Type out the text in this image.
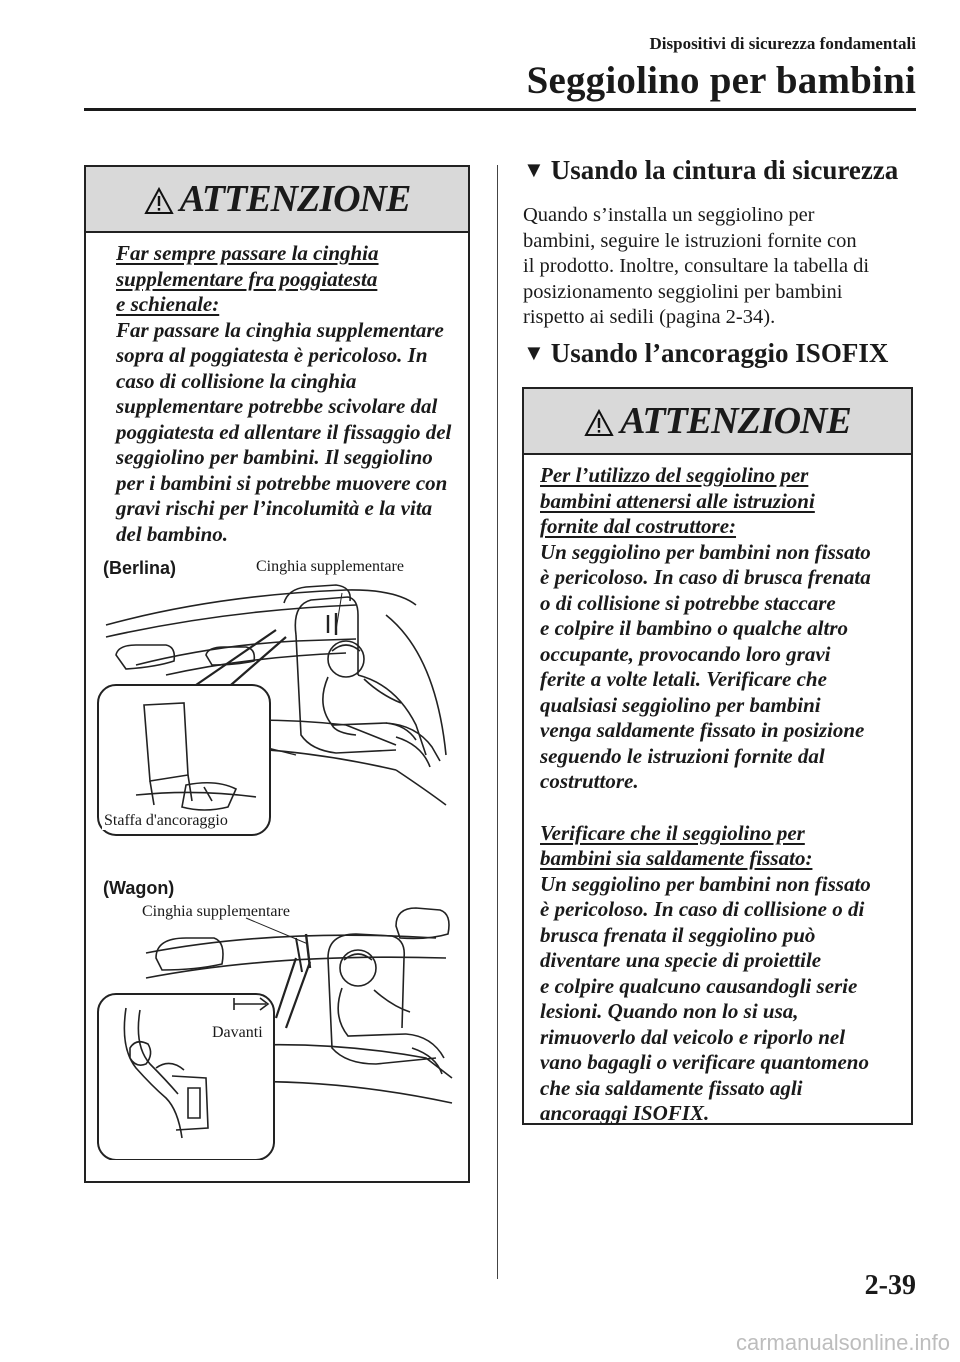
Dispositivi di sicurezza fondamentali
Seggiolino per bambini
ATTENZIONE

Far sempre passare la cinghia

supplementare fra poggiatesta

e schienale:

Far passare la cinghia supplementare

sopra al poggiatesta è pericoloso. In

caso di collisione la cinghia

supplementare potrebbe scivolare dal

poggiatesta ed allentare il fissaggio del

seggiolino per bambini. Il seggiolino

per i bambini si potrebbe muovere con

gravi rischi per l’incolumità e la vita

del bambino.

(Berlina)	Cinghia supplementare
Staffa d'ancoraggio
(Wagon)
Cinghia supplementare
Davanti
▼ Usando la cintura di sicurezza

Quando s’installa un seggiolino per

bambini, seguire le istruzioni fornite con

il prodotto. Inoltre, consultare la tabella di

posizionamento seggiolini per bambini

rispetto ai sedili (pagina 2-34).

▼ Usando l’ancoraggio ISOFIX
ATTENZIONE

Per l’utilizzo del seggiolino per

bambini attenersi alle istruzioni

fornite dal costruttore:

Un seggiolino per bambini non fissato

è pericoloso. In caso di brusca frenata

o di collisione si potrebbe staccare

e colpire il bambino o qualche altro

occupante, provocando loro gravi

ferite a volte letali. Verificare che

qualsiasi seggiolino per bambini

venga saldamente fissato in posizione

seguendo le istruzioni fornite dal

costruttore.

Verificare che il seggiolino per

bambini sia saldamente fissato:

Un seggiolino per bambini non fissato

è pericoloso. In caso di collisione o di

brusca frenata il seggiolino può

diventare una specie di proiettile

e colpire qualcuno causandogli serie

lesioni. Quando non lo si usa,

rimuoverlo dal veicolo e riporlo nel

vano bagagli o verificare quantomeno

che sia saldamente fissato agli

ancoraggi ISOFIX.

2-39
carmanualsonline.info
